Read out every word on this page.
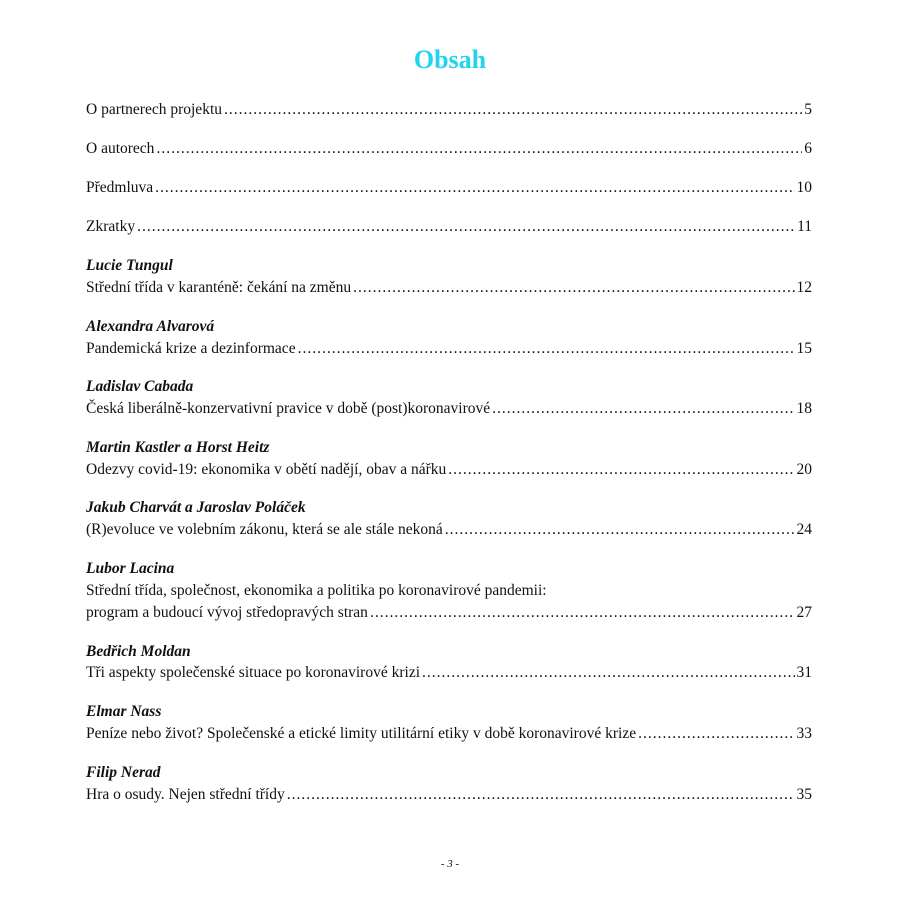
Obsah
O partnerech projektu .....	5
O autorech .....	6
Předmluva .....	10
Zkratky .....	11
Lucie Tungul
Střední třída v karanténě: čekání na změnu .....	12
Alexandra Alvarová
Pandemická krize a dezinformace .....	15
Ladislav Cabada
Česká liberálně-konzervativní pravice v době (post)koronavirové .....	18
Martin Kastler a Horst Heitz
Odezvy covid-19: ekonomika v obětí nadějí, obav a nářku .....	20
Jakub Charvát a Jaroslav Poláček
(R)evoluce ve volebním zákonu, která se ale stále nekoná .....	24
Lubor Lacina
Střední třída, společnost, ekonomika a politika po koronavirové pandemii:
program a budoucí vývoj středopravých stran .....	27
Bedřich Moldan
Tři aspekty společenské situace po koronavirové krizi .....	31
Elmar Nass
Peníze nebo život? Společenské a etické limity utilitární etiky v době koronavirové krize .....	33
Filip Nerad
Hra o osudy. Nejen střední třídy .....	35
- 3 -
